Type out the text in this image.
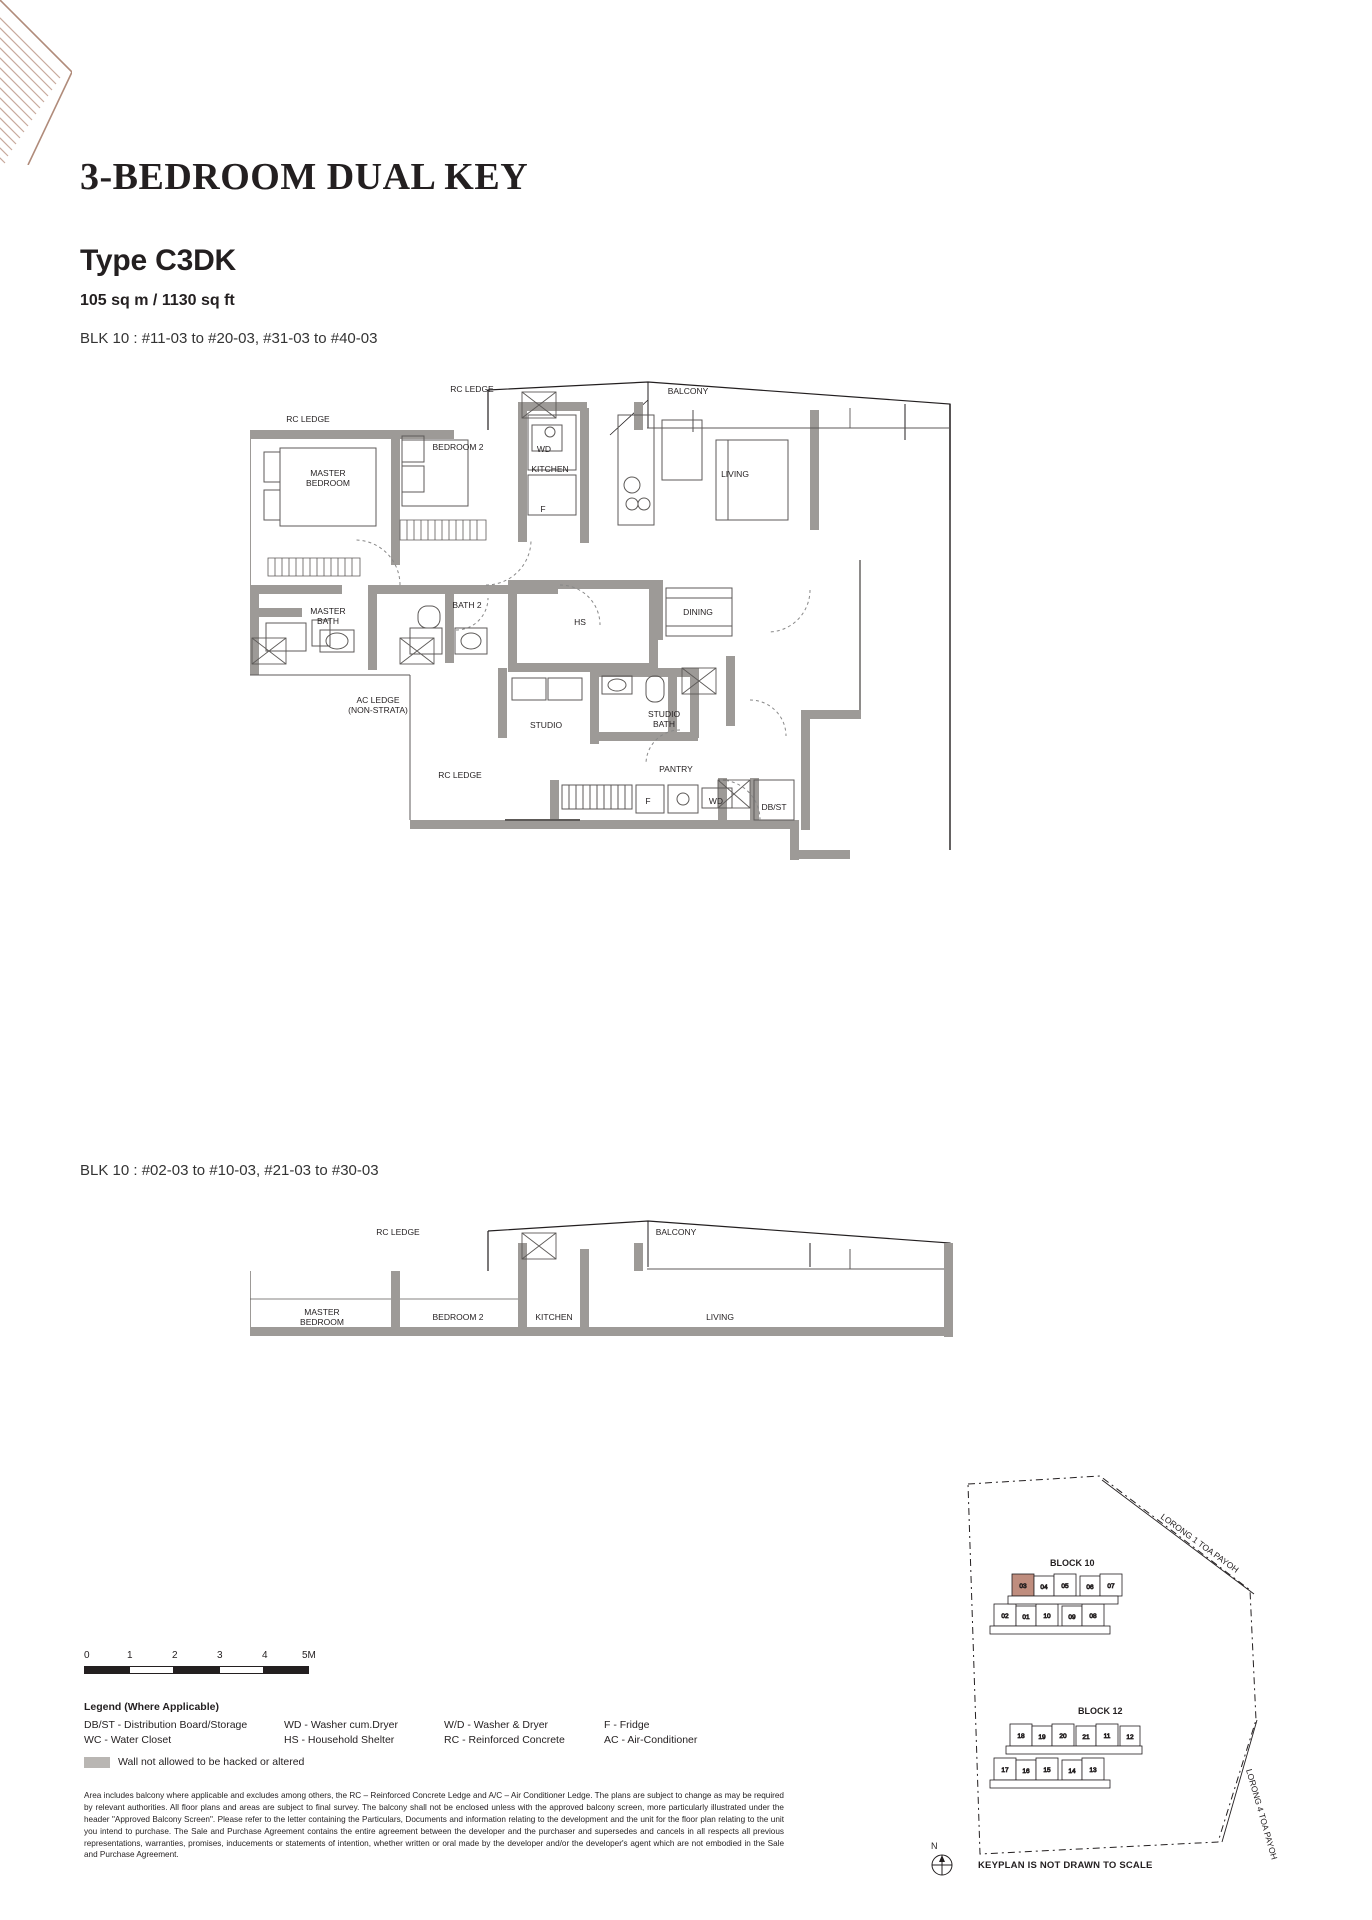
3-BEDROOM DUAL KEY
Type C3DK
105 sq m / 1130 sq ft
BLK 10 : #11-03 to #20-03, #31-03 to #40-03
RC LEDGE	BALCONY
RC LEDGE
BEDROOM 2	WD
KITCHEN	LIVING
MASTER
BEDROOM
F
MASTER
BATH
BATH 2
HS
DINING
AC LEDGE
(NON-STRATA)
STUDIO
STUDIO
BATH
RC LEDGE
PANTRY
F	WD
DB/ST
BLK 10 : #02-03 to #10-03, #21-03 to #30-03
RC LEDGE	BALCONY
MASTER
BEDROOM	BEDROOM 2	KITCHEN	LIVING
0	1	2	3	4	5M
Legend (Where Applicable)
DB/ST - Distribution Board/Storage	WD - Washer cum.Dryer	W/D - Washer & Dryer	F - Fridge
WC - Water Closet	HS - Household Shelter	RC - Reinforced Concrete	AC - Air-Conditioner
Wall not allowed to be hacked or altered
Area includes balcony where applicable and excludes among others, the RC – Reinforced Concrete Ledge and A/C – Air Conditioner Ledge. The plans are subject to change as may be required by relevant authorities. All floor plans and areas are subject to final survey. The balcony shall not be enclosed unless with the approved balcony screen, more particularly illustrated under the header "Approved Balcony Screen". Please refer to the letter containing the Particulars, Documents and information relating to the development and the unit for the floor plan relating to the unit you intend to purchase. The Sale and Purchase Agreement contains the entire agreement between the developer and the purchaser and supersedes and cancels in all respects all previous representations, warranties, promises, inducements or statements of intention, whether written or oral made by the developer and/or the developer's agent which are not embodied in the Sale and Purchase Agreement.
LORONG 1 TOA PAYOH
LORONG 4 TOA PAYOH
BLOCK 10
03 04 05	06 07
02 01 10	09 08
BLOCK 12
18 19 20 21 11 12
17 16 15	14 13
N
KEYPLAN IS NOT DRAWN TO SCALE
